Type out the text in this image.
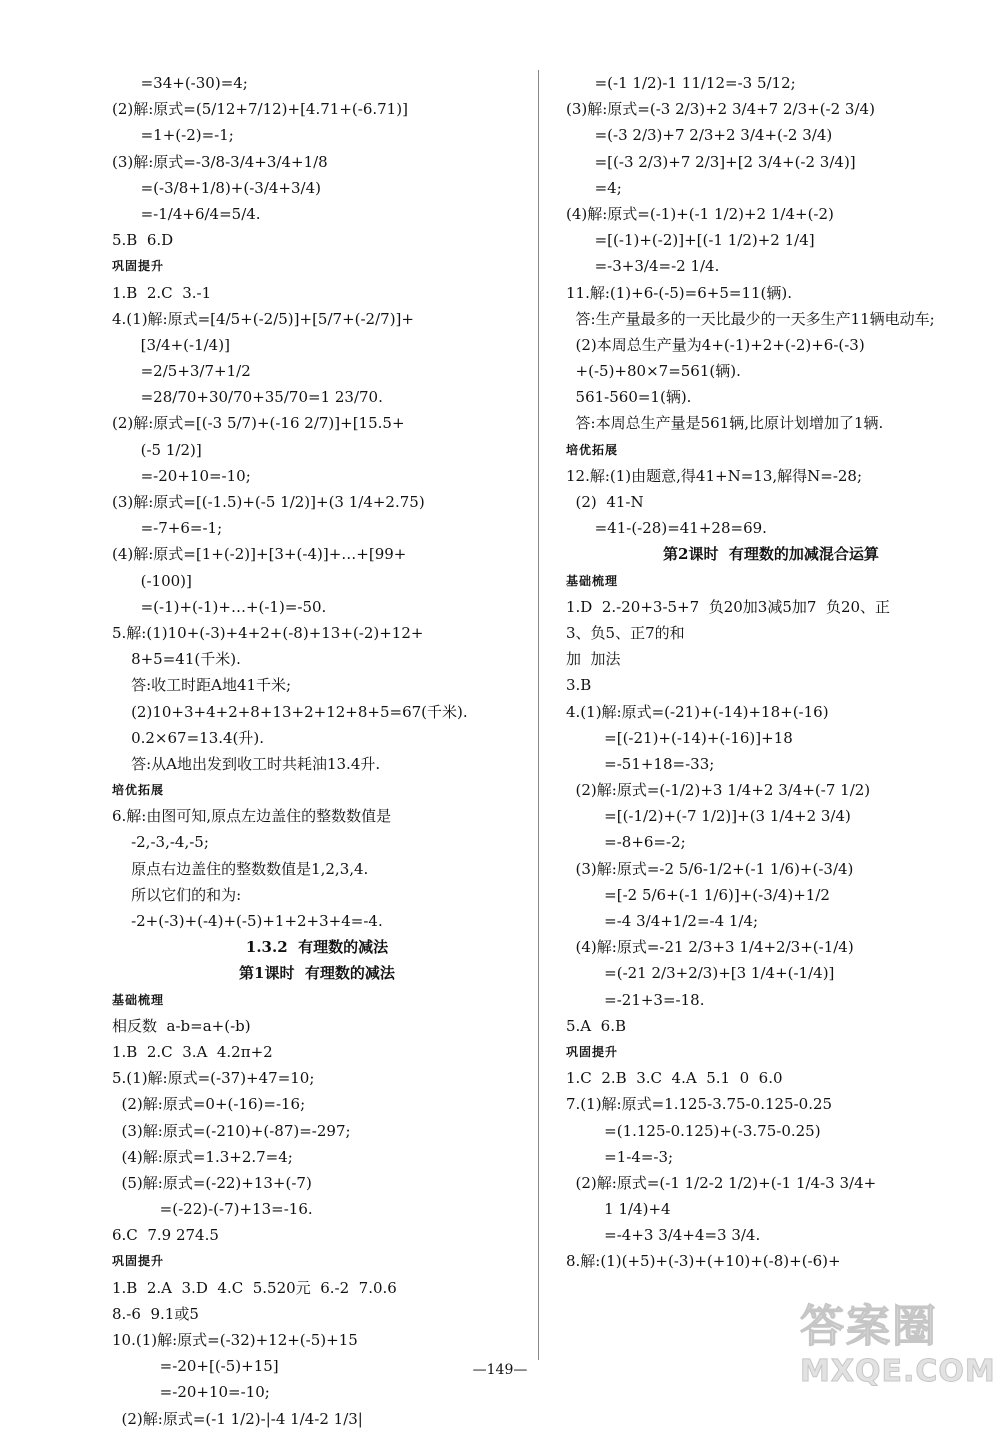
=34+(-30)=4;
(2)解:原式=(5/12+7/12)+[4.71+(-6.71)]
=1+(-2)=-1;
(3)解:原式=-3/8-3/4+3/4+1/8
=(-3/8+1/8)+(-3/4+3/4)
=-1/4+6/4=5/4.
5.B  6.D
巩固提升
1.B  2.C  3.-1
4.(1)解:原式=[4/5+(-2/5)]+[5/7+(-2/7)]+
[3/4+(-1/4)]
=2/5+3/7+1/2
=28/70+30/70+35/70=1 23/70.
(2)解:原式=[(-3 5/7)+(-16 2/7)]+[15.5+
(-5 1/2)]
=-20+10=-10;
(3)解:原式=[(-1.5)+(-5 1/2)]+(3 1/4+2.75)
=-7+6=-1;
(4)解:原式=[1+(-2)]+[3+(-4)]+…+[99+
(-100)]
=(-1)+(-1)+…+(-1)=-50.
5.解:(1)10+(-3)+4+2+(-8)+13+(-2)+12+
8+5=41(千米).
答:收工时距A地41千米;
(2)10+3+4+2+8+13+2+12+8+5=67(千米).
0.2×67=13.4(升).
答:从A地出发到收工时共耗油13.4升.
培优拓展
6.解:由图可知,原点左边盖住的整数数值是
-2,-3,-4,-5;
原点右边盖住的整数数值是1,2,3,4.
所以它们的和为:
-2+(-3)+(-4)+(-5)+1+2+3+4=-4.
1.3.2  有理数的减法
第1课时  有理数的减法
基础梳理
相反数  a-b=a+(-b)
1.B  2.C  3.A  4.2π+2
5.(1)解:原式=(-37)+47=10;
(2)解:原式=0+(-16)=-16;
(3)解:原式=(-210)+(-87)=-297;
(4)解:原式=1.3+2.7=4;
(5)解:原式=(-22)+13+(-7)
=(-22)-(-7)+13=-16.
6.C  7.9 274.5
巩固提升
1.B  2.A  3.D  4.C  5.520元  6.-2  7.0.6
8.-6  9.1或5
10.(1)解:原式=(-32)+12+(-5)+15
=-20+[(-5)+15]
=-20+10=-10;
(2)解:原式=(-1 1/2)-|-4 1/4-2 1/3|
=(-1 1/2)-1 11/12=-3 5/12;
(3)解:原式=(-3 2/3)+2 3/4+7 2/3+(-2 3/4)
=(-3 2/3)+7 2/3+2 3/4+(-2 3/4)
=[(-3 2/3)+7 2/3]+[2 3/4+(-2 3/4)]
=4;
(4)解:原式=(-1)+(-1 1/2)+2 1/4+(-2)
=[(-1)+(-2)]+[(-1 1/2)+2 1/4]
=-3+3/4=-2 1/4.
11.解:(1)+6-(-5)=6+5=11(辆).
答:生产量最多的一天比最少的一天多生产11辆电动车;
(2)本周总生产量为4+(-1)+2+(-2)+6-(-3)
+(-5)+80×7=561(辆).
561-560=1(辆).
答:本周总生产量是561辆,比原计划增加了1辆.
培优拓展
12.解:(1)由题意,得41+N=13,解得N=-28;
(2)  41-N
=41-(-28)=41+28=69.
第2课时  有理数的加减混合运算
基础梳理
1.D  2.-20+3-5+7  负20加3减5加7  负20、正
3、负5、正7的和
加  加法
3.B
4.(1)解:原式=(-21)+(-14)+18+(-16)
=[(-21)+(-14)+(-16)]+18
=-51+18=-33;
(2)解:原式=(-1/2)+3 1/4+2 3/4+(-7 1/2)
=[(-1/2)+(-7 1/2)]+(3 1/4+2 3/4)
=-8+6=-2;
(3)解:原式=-2 5/6-1/2+(-1 1/6)+(-3/4)
=[-2 5/6+(-1 1/6)]+(-3/4)+1/2
=-4 3/4+1/2=-4 1/4;
(4)解:原式=-21 2/3+3 1/4+2/3+(-1/4)
=(-21 2/3+2/3)+[3 1/4+(-1/4)]
=-21+3=-18.
5.A  6.B
巩固提升
1.C  2.B  3.C  4.A  5.1  0  6.0
7.(1)解:原式=1.125-3.75-0.125-0.25
=(1.125-0.125)+(-3.75-0.25)
=1-4=-3;
(2)解:原式=(-1 1/2-2 1/2)+(-1 1/4-3 3/4+
1 1/4)+4
=-4+3 3/4+4=3 3/4.
8.解:(1)(+5)+(-3)+(+10)+(-8)+(-6)+
—149—
答案圈
MXQE.COM
